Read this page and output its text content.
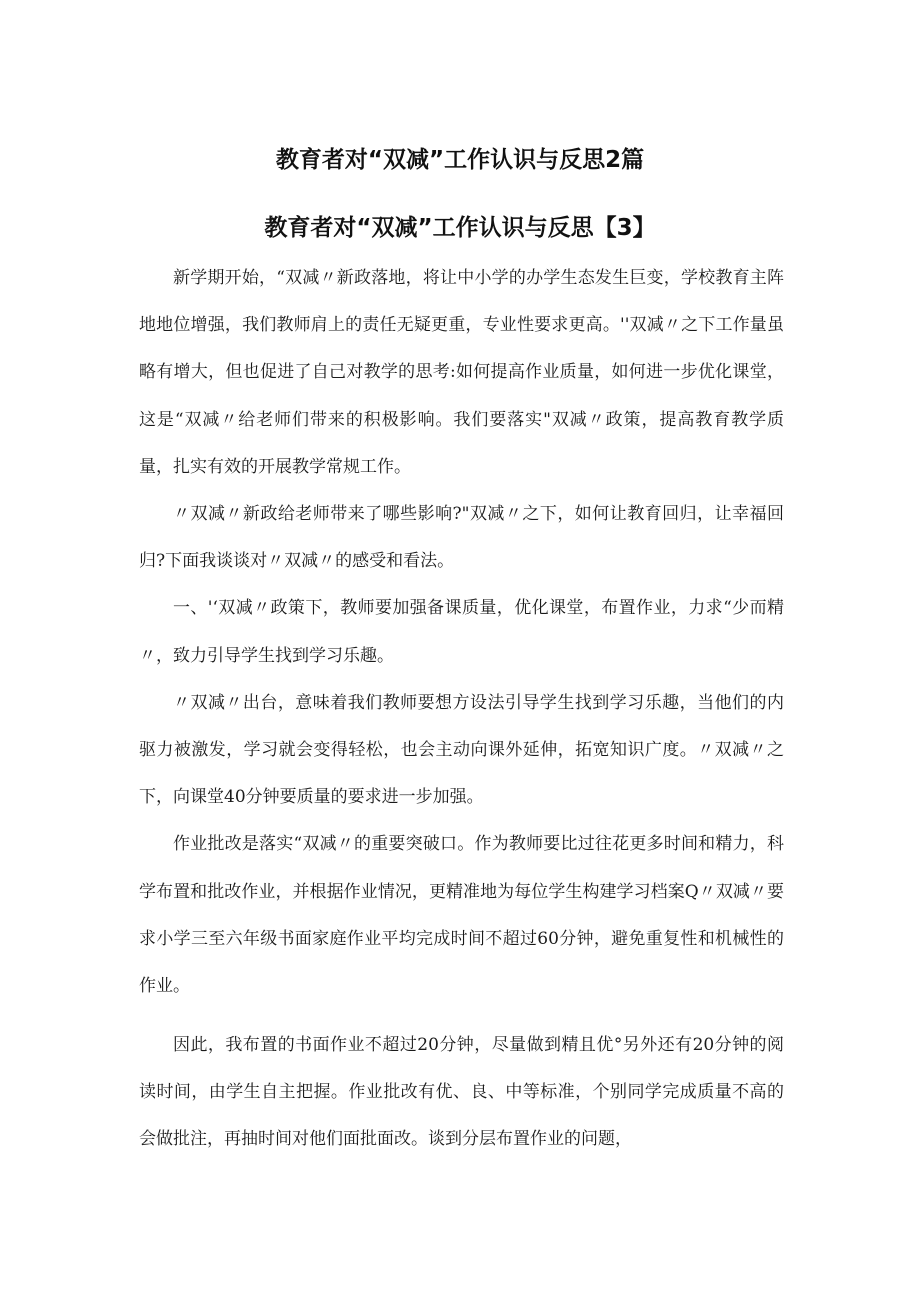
教育者对“双减”工作认识与反思2篇
教育者对“双减”工作认识与反思【3】

新学期开始，“双减〃新政落地，将让中小学的办学生态发生巨变，学校教育主阵地地位增强，我们教师肩上的责任无疑更重，专业性要求更高。''双减〃之下工作量虽略有增大，但也促进了自己对教学的思考:如何提高作业质量，如何进一步优化课堂，这是“双减〃给老师们带来的积极影响。我们要落实"双减〃政策，提高教育教学质量，扎实有效的开展教学常规工作。

〃双减〃新政给老师带来了哪些影响?"双减〃之下，如何让教育回归，让幸福回归?下面我谈谈对〃双减〃的感受和看法。

一、'‘双减〃政策下，教师要加强备课质量，优化课堂，布置作业，力求“少而精〃，致力引导学生找到学习乐趣。

〃双减〃出台，意味着我们教师要想方设法引导学生找到学习乐趣，当他们的内驱力被激发，学习就会变得轻松，也会主动向课外延伸，拓宽知识广度。〃双减〃之下，向课堂40分钟要质量的要求进一步加强。

作业批改是落实“双减〃的重要突破口。作为教师要比过往花更多时间和精力，科学布置和批改作业，并根据作业情况，更精准地为每位学生构建学习档案Q〃双减〃要求小学三至六年级书面家庭作业平均完成时间不超过60分钟，避免重复性和机械性的作业。

因此，我布置的书面作业不超过20分钟，尽量做到精且优°另外还有20分钟的阅读时间，由学生自主把握。作业批改有优、良、中等标准，个别同学完成质量不高的会做批注，再抽时间对他们面批面改。谈到分层布置作业的问题，
